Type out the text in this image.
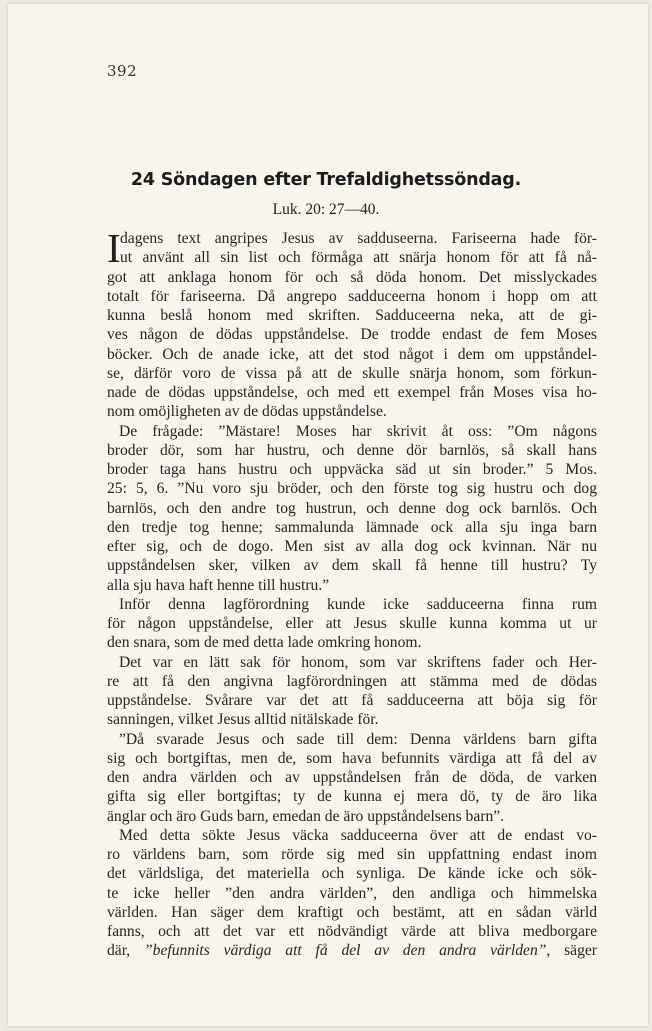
392
24 Söndagen efter Trefaldighetssöndag.
Luk. 20: 27—40.
I dagens text angripes Jesus av sadduseerna. Fariseerna hade för-
ut använt all sin list och förmåga att snärja honom för att få nå-
got att anklaga honom för och så döda honom. Det misslyckades
totalt för fariseerna. Då angrepo sadduceerna honom i hopp om att
kunna beslå honom med skriften. Sadduceerna neka, att de gi-
ves någon de dödas uppståndelse. De trodde endast de fem Moses
böcker. Och de anade icke, att det stod något i dem om uppståndel-
se, därför voro de vissa på att de skulle snärja honom, som förkun-
nade de dödas uppståndelse, och med ett exempel från Moses visa ho-
nom omöjligheten av de dödas uppståndelse.
De frågade: ”Mästare! Moses har skrivit åt oss: ”Om någons
broder dör, som har hustru, och denne dör barnlös, så skall hans
broder taga hans hustru och uppväcka säd ut sin broder.” 5 Mos.
25: 5, 6. ”Nu voro sju bröder, och den förste tog sig hustru och dog
barnlös, och den andre tog hustrun, och denne dog ock barnlös. Och
den tredje tog henne; sammalunda lämnade ock alla sju inga barn
efter sig, och de dogo. Men sist av alla dog ock kvinnan. När nu
uppståndelsen sker, vilken av dem skall få henne till hustru? Ty
alla sju hava haft henne till hustru.”
Inför denna lagförordning kunde icke sadduceerna finna rum
för någon uppståndelse, eller att Jesus skulle kunna komma ut ur
den snara, som de med detta lade omkring honom.
Det var en lätt sak för honom, som var skriftens fader och Her-
re att få den angivna lagförordningen att stämma med de dödas
uppståndelse. Svårare var det att få sadduceerna att böja sig för
sanningen, vilket Jesus alltid nitälskade för.
”Då svarade Jesus och sade till dem: Denna världens barn gifta
sig och bortgiftas, men de, som hava befunnits värdiga att få del av
den andra världen och av uppståndelsen från de döda, de varken
gifta sig eller bortgiftas; ty de kunna ej mera dö, ty de äro lika
änglar och äro Guds barn, emedan de äro uppståndelsens barn”.
Med detta sökte Jesus väcka sadduceerna över att de endast vo-
ro världens barn, som rörde sig med sin uppfattning endast inom
det världsliga, det materiella och synliga. De kände icke och sök-
te icke heller ”den andra världen”, den andliga och himmelska
världen. Han säger dem kraftigt och bestämt, att en sådan värld
fanns, och att det var ett nödvändigt värde att bliva medborgare
där, ”befunnits värdiga att få del av den andra världen”, säger
